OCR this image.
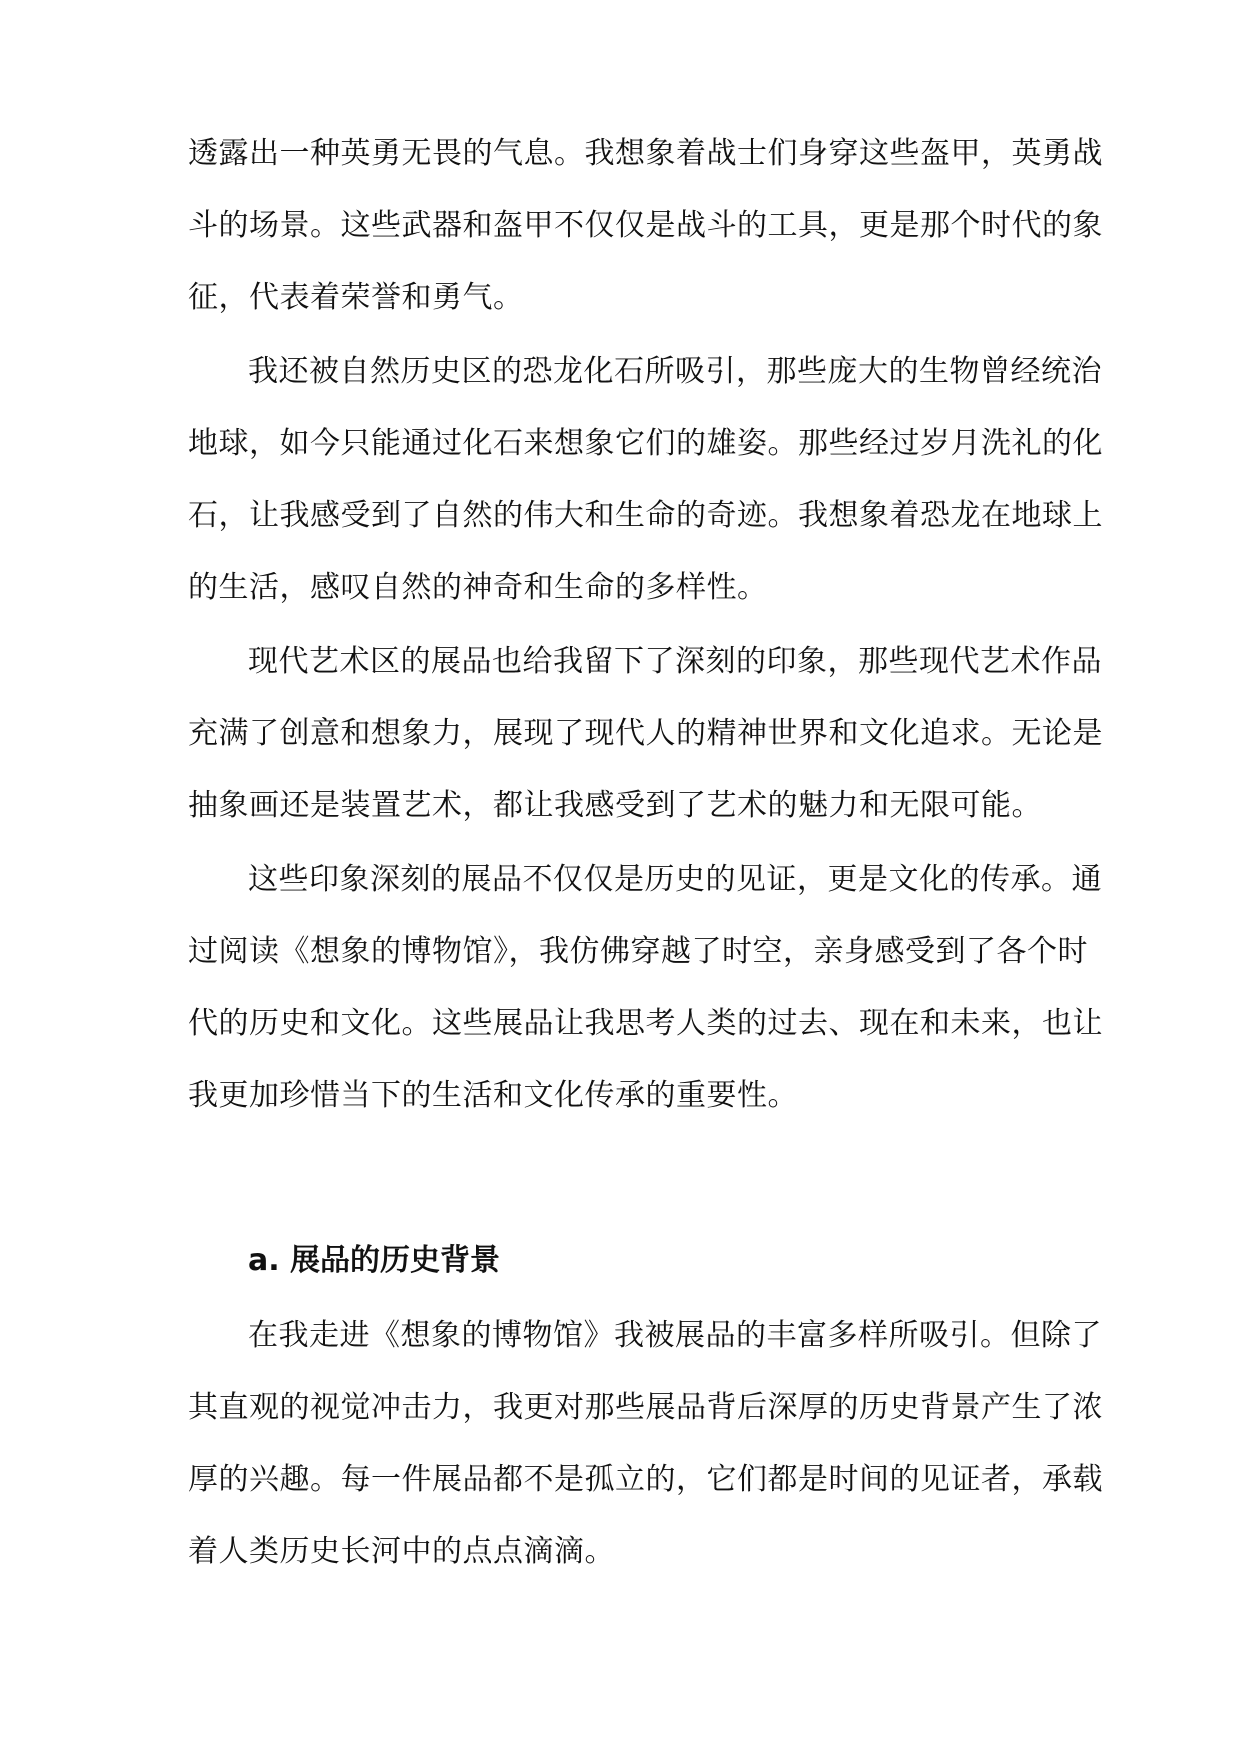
透露出一种英勇无畏的气息。我想象着战士们身穿这些盔甲，英勇战
斗的场景。这些武器和盔甲不仅仅是战斗的工具，更是那个时代的象
征，代表着荣誉和勇气。
我还被自然历史区的恐龙化石所吸引，那些庞大的生物曾经统治
地球，如今只能通过化石来想象它们的雄姿。那些经过岁月洗礼的化
石，让我感受到了自然的伟大和生命的奇迹。我想象着恐龙在地球上
的生活，感叹自然的神奇和生命的多样性。
现代艺术区的展品也给我留下了深刻的印象，那些现代艺术作品
充满了创意和想象力，展现了现代人的精神世界和文化追求。无论是
抽象画还是装置艺术，都让我感受到了艺术的魅力和无限可能。
这些印象深刻的展品不仅仅是历史的见证，更是文化的传承。通
过阅读《想象的博物馆》，我仿佛穿越了时空，亲身感受到了各个时
代的历史和文化。这些展品让我思考人类的过去、现在和未来，也让
我更加珍惜当下的生活和文化传承的重要性。
a. 展品的历史背景
在我走进《想象的博物馆》我被展品的丰富多样所吸引。但除了
其直观的视觉冲击力，我更对那些展品背后深厚的历史背景产生了浓
厚的兴趣。每一件展品都不是孤立的，它们都是时间的见证者，承载
着人类历史长河中的点点滴滴。
